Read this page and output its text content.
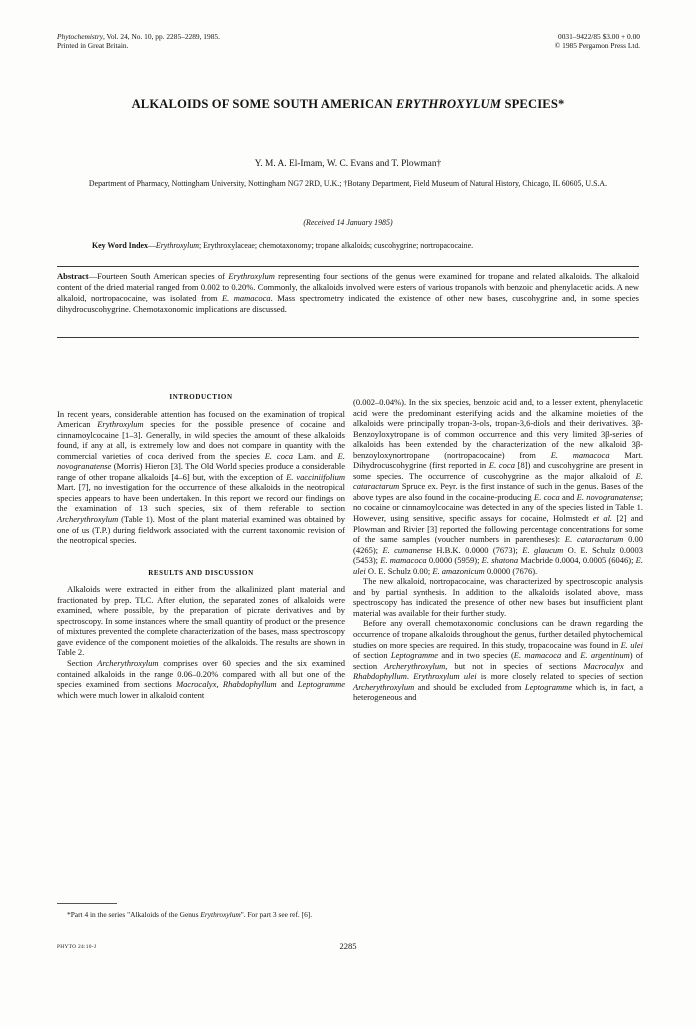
Phytochemistry, Vol. 24, No. 10, pp. 2285–2289, 1985.
Printed in Great Britain.
0031–9422/85 $3.00 + 0.00
© 1985 Pergamon Press Ltd.
ALKALOIDS OF SOME SOUTH AMERICAN ERYTHROXYLUM SPECIES*
Y. M. A. El-Imam, W. C. Evans and T. Plowman†
Department of Pharmacy, Nottingham University, Nottingham NG7 2RD, U.K.; †Botany Department, Field Museum of Natural History, Chicago, IL 60605, U.S.A.
(Received 14 January 1985)
Key Word Index—Erythroxylum; Erythroxylaceae; chemotaxonomy; tropane alkaloids; cuscohygrine; nortropacocaine.
Abstract—Fourteen South American species of Erythroxylum representing four sections of the genus were examined for tropane and related alkaloids. The alkaloid content of the dried material ranged from 0.002 to 0.20%. Commonly, the alkaloids involved were esters of various tropanols with benzoic and phenylacetic acids. A new alkaloid, nortropacocaine, was isolated from E. mamacoca. Mass spectrometry indicated the existence of other new bases, cuscohygrine and, in some species dihydrocuscohygrine. Chemotaxonomic implications are discussed.
INTRODUCTION

In recent years, considerable attention has focused on the examination of tropical American Erythroxylum species for the possible presence of cocaine and cinnamoylcocaine [1–3]. Generally, in wild species the amount of these alkaloids found, if any at all, is extremely low and does not compare in quantity with the commercial varieties of coca derived from the species E. coca Lam. and E. novogranatense (Morris) Hieron [3]. The Old World species produce a considerable range of other tropane alkaloids [4–6] but, with the exception of E. vacciniifolium Mart. [7], no investigation for the occurrence of these alkaloids in the neotropical species appears to have been undertaken. In this report we record our findings on the examination of 13 such species, six of them referable to section Archerythroxylum (Table 1). Most of the plant material examined was obtained by one of us (T.P.) during fieldwork associated with the current taxonomic revision of the neotropical species.

RESULTS AND DISCUSSION

Alkaloids were extracted in either from the alkalinized plant material and fractionated by prep. TLC. After elution, the separated zones of alkaloids were examined, where possible, by the preparation of picrate derivatives and by spectroscopy. In some instances where the small quantity of product or the presence of mixtures prevented the complete characterization of the bases, mass spectroscopy gave evidence of the component moieties of the alkaloids. The results are shown in Table 2.

Section Archerythroxylum comprises over 60 species and the six examined contained alkaloids in the range 0.06–0.20% compared with all but one of the species examined from sections Macrocalyx, Rhabdophyllum and Leptogramme which were much lower in alkaloid content

(0.002–0.04%). In the six species, benzoic acid and, to a lesser extent, phenylacetic acid were the predominant esterifying acids and the alkamine moieties of the alkaloids were principally tropan-3-ols, tropan-3,6-diols and their derivatives. 3β-Benzoyloxytropane is of common occurrence and this very limited 3β-series of alkaloids has been extended by the characterization of the new alkaloid 3β-benzoyloxynortropane (nortropacocaine) from E. mamacoca Mart. Dihydrocuscohygrine (first reported in E. coca [8]) and cuscohygrine are present in some species. The occurrence of cuscohygrine as the major alkaloid of E. cataractarum Spruce ex. Peyr. is the first instance of such in the genus. Bases of the above types are also found in the cocaine-producing E. coca and E. novogranatense; no cocaine or cinnamoylcocaine was detected in any of the species listed in Table 1. However, using sensitive, specific assays for cocaine, Holmstedt et al. [2] and Plowman and Rivier [3] reported the following percentage concentrations for some of the same samples (voucher numbers in parentheses): E. cataractarum 0.00 (4265); E. cumanense H.B.K. 0.0000 (7673); E. glaucum O. E. Schulz 0.0003 (5453); E. mamacoca 0.0000 (5959); E. shatona Macbride 0.0004, 0.0005 (6046); E. ulei O. E. Schulz 0.00; E. amazonicum 0.0000 (7676).

The new alkaloid, nortropacocaine, was characterized by spectroscopic analysis and by partial synthesis. In addition to the alkaloids isolated above, mass spectroscopy has indicated the presence of other new bases but insufficient plant material was available for their further study.

Before any overall chemotaxonomic conclusions can be drawn regarding the occurrence of tropane alkaloids throughout the genus, further detailed phytochemical studies on more species are required. In this study, tropacocaine was found in E. ulei of section Leptogramme and in two species (E. mamacoca and E. argentinum) of section Archerythroxylum, but not in species of sections Macrocalyx and Rhabdophyllum. Erythroxylum ulei is more closely related to species of section Archerythroxylum and should be excluded from Leptogramme which is, in fact, a heterogeneous and

*Part 4 in the series "Alkaloids of the Genus Erythroxylum". For part 3 see ref. [6].

PHYTO 24:10-J	2285
